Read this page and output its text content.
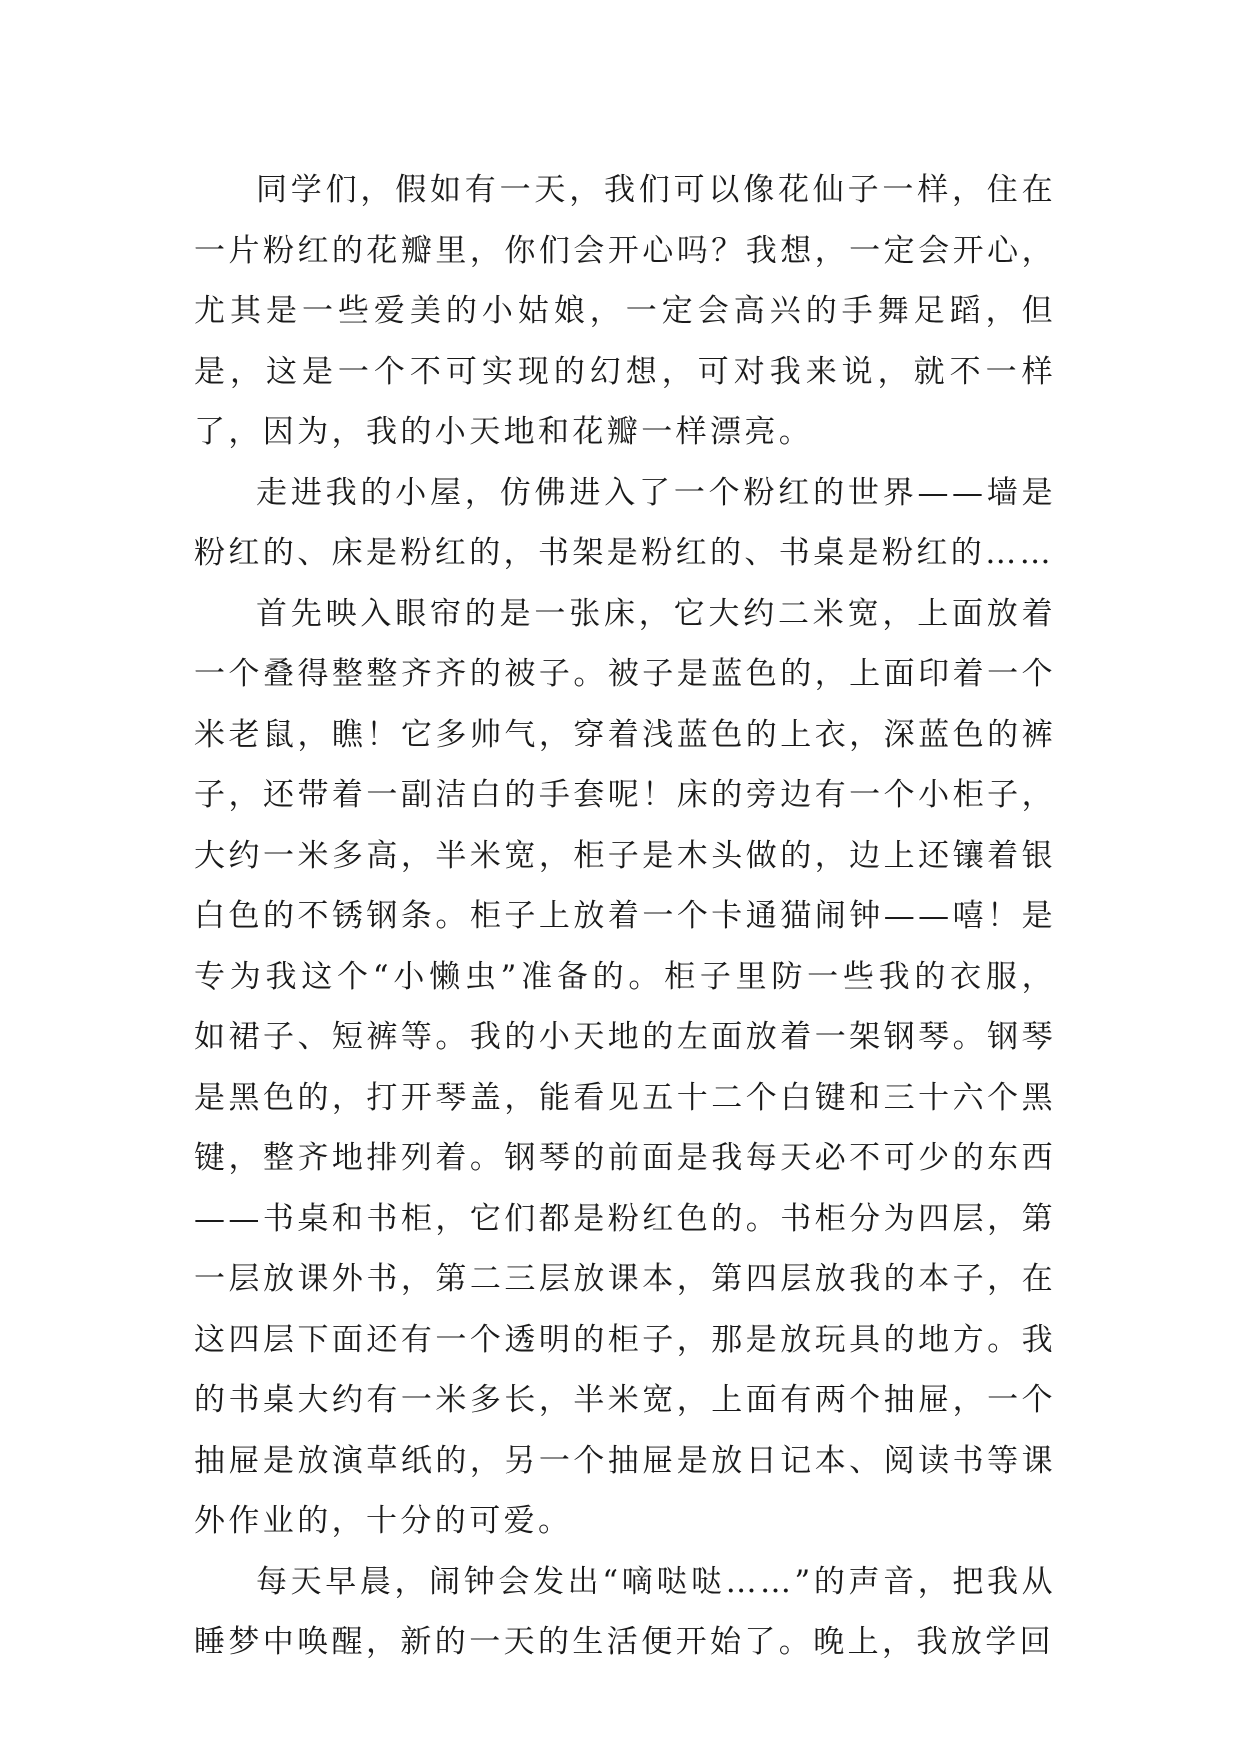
同学们，假如有一天，我们可以像花仙子一样，住在一片粉红的花瓣里，你们会开心吗？我想，一定会开心，尤其是一些爱美的小姑娘，一定会高兴的手舞足蹈，但是，这是一个不可实现的幻想，可对我来说，就不一样了，因为，我的小天地和花瓣一样漂亮。

走进我的小屋，仿佛进入了一个粉红的世界——墙是粉红的、床是粉红的，书架是粉红的、书桌是粉红的……

首先映入眼帘的是一张床，它大约二米宽，上面放着一个叠得整整齐齐的被子。被子是蓝色的，上面印着一个米老鼠，瞧！它多帅气，穿着浅蓝色的上衣，深蓝色的裤子，还带着一副洁白的手套呢！床的旁边有一个小柜子，大约一米多高，半米宽，柜子是木头做的，边上还镶着银白色的不锈钢条。柜子上放着一个卡通猫闹钟——嘻！是专为我这个“小懒虫”准备的。柜子里防一些我的衣服，如裙子、短裤等。我的小天地的左面放着一架钢琴。钢琴是黑色的，打开琴盖，能看见五十二个白键和三十六个黑键，整齐地排列着。钢琴的前面是我每天必不可少的东西——书桌和书柜，它们都是粉红色的。书柜分为四层，第一层放课外书，第二三层放课本，第四层放我的本子，在这四层下面还有一个透明的柜子，那是放玩具的地方。我的书桌大约有一米多长，半米宽，上面有两个抽屉，一个抽屉是放演草纸的，另一个抽屉是放日记本、阅读书等课外作业的，十分的可爱。

每天早晨，闹钟会发出“嘀哒哒……”的声音，把我从睡梦中唤醒，新的一天的生活便开始了。晚上，我放学回
